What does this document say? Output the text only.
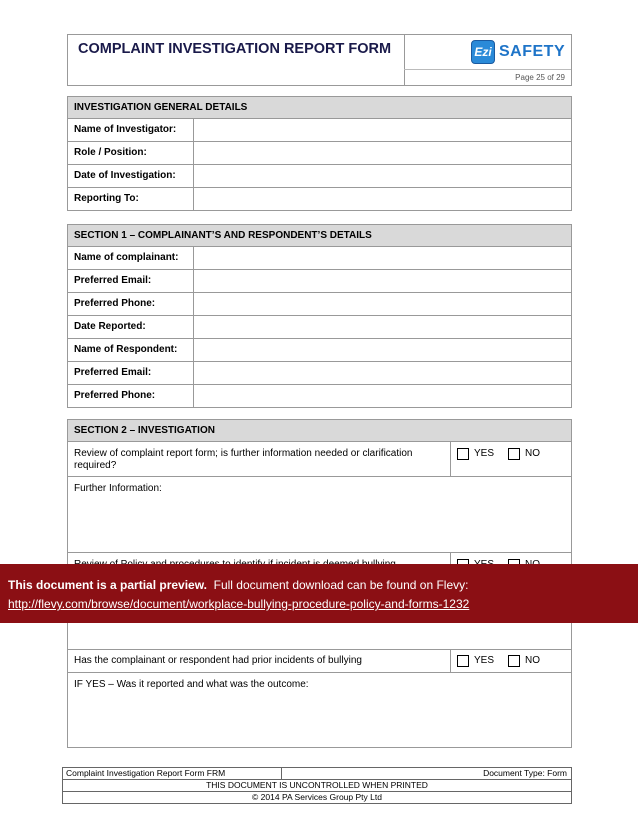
COMPLAINT INVESTIGATION REPORT FORM	Ezi SAFETY
Page 25 of 29
INVESTIGATION GENERAL DETAILS
Name of Investigator:
Role / Position:
Date of Investigation:
Reporting To:
SECTION 1 – COMPLAINANT’S AND RESPONDENT’S DETAILS
Name of complainant:
Preferred Email:
Preferred Phone:
Date Reported:
Name of Respondent:
Preferred Email:
Preferred Phone:
SECTION 2 – INVESTIGATION
Review of complaint report form; is further information needed or clarification required?
YES	NO
Further Information:
Has the complainant or respondent had prior incidents of bullying	YES	NO
IF YES – Was it reported and what was the outcome:
This document is a partial preview. Full document download can be found on Flevy:
http://flevy.com/browse/document/workplace-bullying-procedure-policy-and-forms-1232
Complaint Investigation Report Form FRM	Document Type: Form
THIS DOCUMENT IS UNCONTROLLED WHEN PRINTED
© 2014 PA Services Group Pty Ltd
